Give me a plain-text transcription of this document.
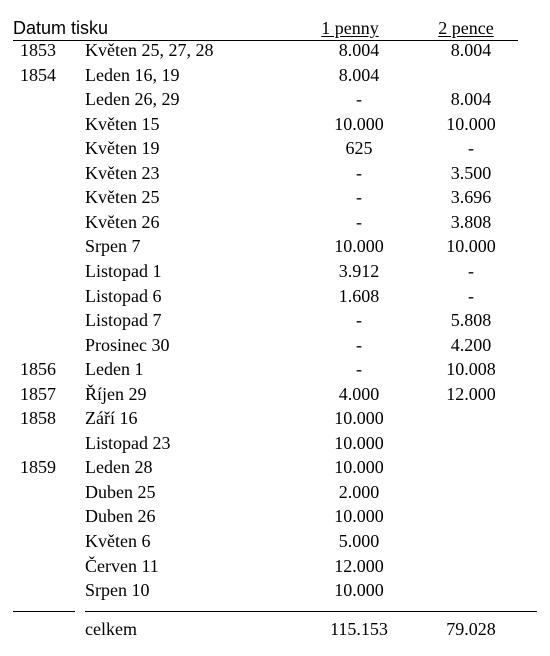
Datum tisku	1 penny	2 pence
1853 Květen 25, 27, 28	8.004	8.004
1854 Leden 16, 19	8.004
Leden 26, 29	-	8.004
Květen 15	10.000	10.000
Květen 19	625	-
Květen 23	-	3.500
Květen 25	-	3.696
Květen 26	-	3.808
Srpen 7	10.000	10.000
Listopad 1	3.912	-
Listopad 6	1.608	-
Listopad 7	-	5.808
Prosinec 30	-	4.200
1856 Leden 1	-	10.008
1857 Říjen 29	4.000	12.000
1858 Září 16	10.000
Listopad 23	10.000
1859 Leden 28	10.000
Duben 25	2.000
Duben 26	10.000
Květen 6	5.000
Červen 11	12.000
Srpen 10	10.000
celkem	115.153	79.028
